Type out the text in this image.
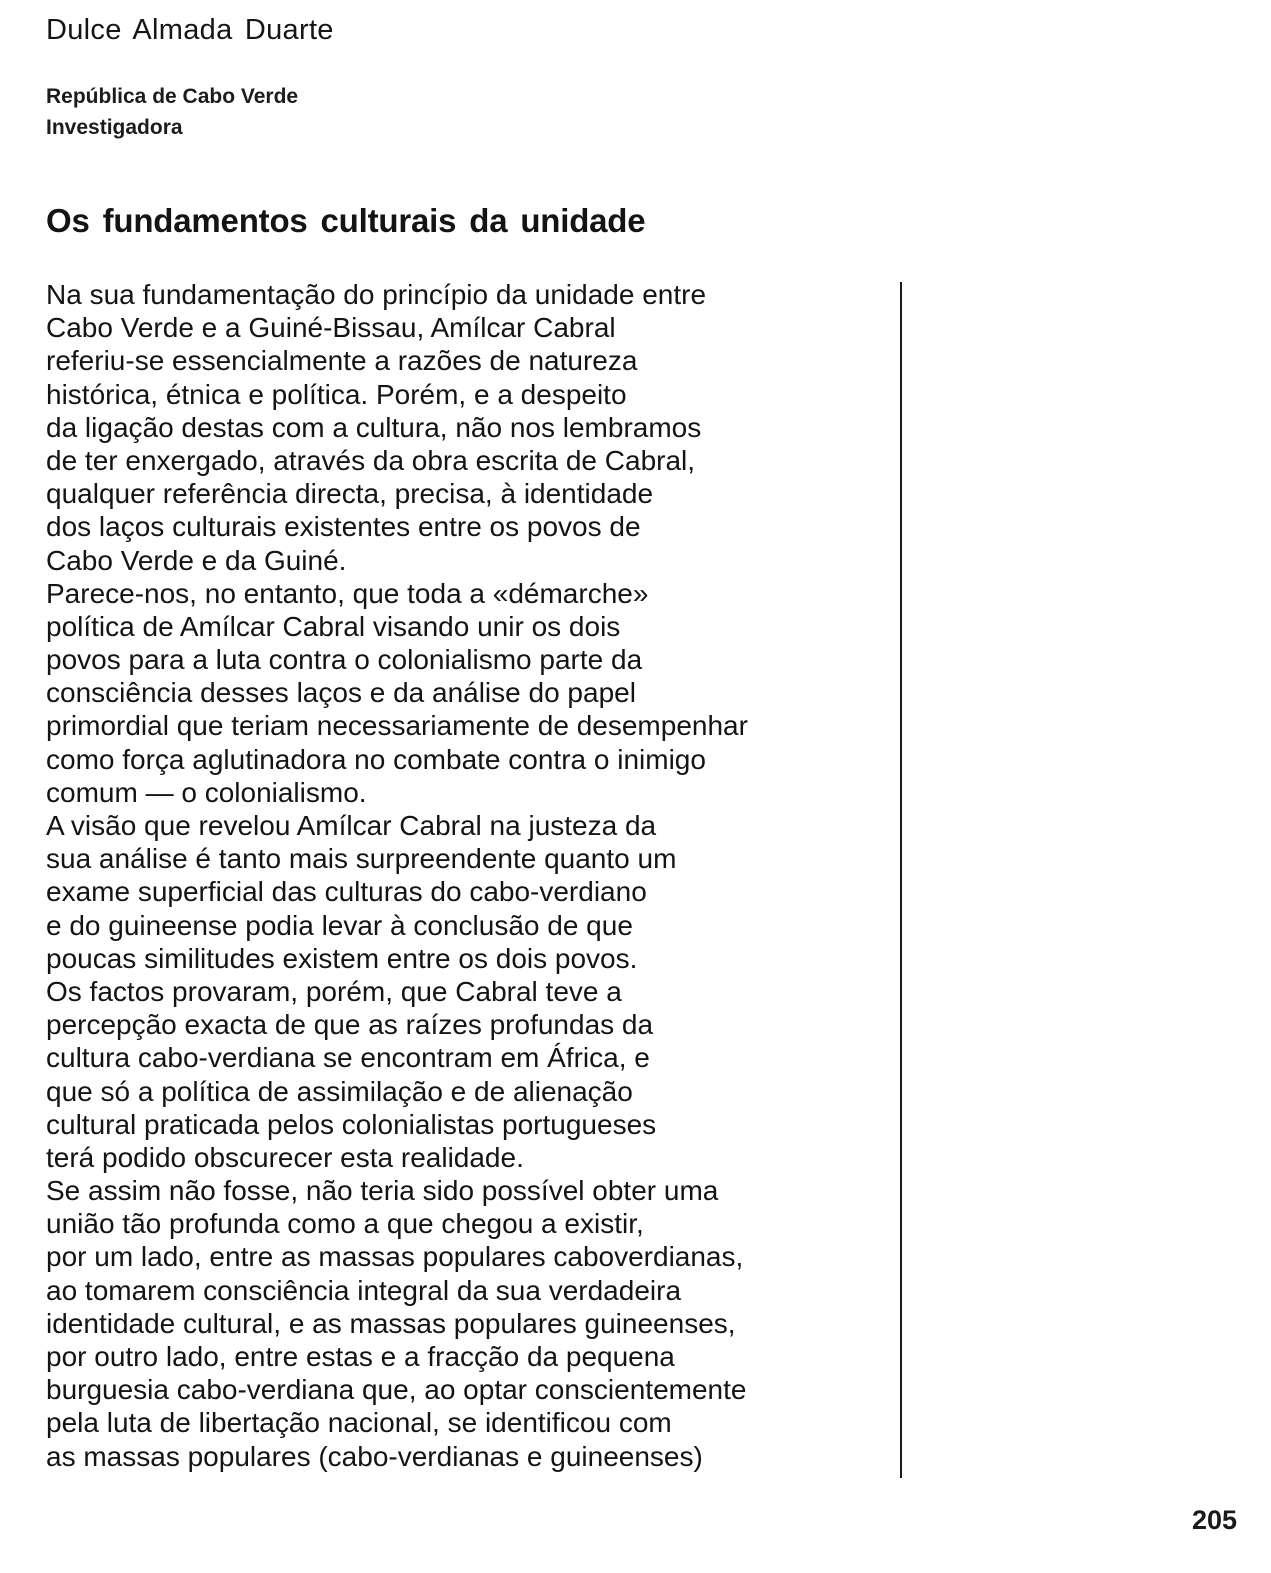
Dulce Almada Duarte
República de Cabo Verde
Investigadora
Os fundamentos culturais da unidade
Na sua fundamentação do princípio da unidade entre
Cabo Verde e a Guiné-Bissau, Amílcar Cabral
referiu-se essencialmente a razões de natureza
histórica, étnica e política. Porém, e a despeito
da ligação destas com a cultura, não nos lembramos
de ter enxergado, através da obra escrita de Cabral,
qualquer referência directa, precisa, à identidade
dos laços culturais existentes entre os povos de
Cabo Verde e da Guiné.
Parece-nos, no entanto, que toda a «démarche»
política de Amílcar Cabral visando unir os dois
povos para a luta contra o colonialismo parte da
consciência desses laços e da análise do papel
primordial que teriam necessariamente de desempenhar
como força aglutinadora no combate contra o inimigo
comum — o colonialismo.
A visão que revelou Amílcar Cabral na justeza da
sua análise é tanto mais surpreendente quanto um
exame superficial das culturas do cabo-verdiano
e do guineense podia levar à conclusão de que
poucas similitudes existem entre os dois povos.
Os factos provaram, porém, que Cabral teve a
percepção exacta de que as raízes profundas da
cultura cabo-verdiana se encontram em África, e
que só a política de assimilação e de alienação
cultural praticada pelos colonialistas portugueses
terá podido obscurecer esta realidade.
Se assim não fosse, não teria sido possível obter uma
união tão profunda como a que chegou a existir,
por um lado, entre as massas populares caboverdianas,
ao tomarem consciência integral da sua verdadeira
identidade cultural, e as massas populares guineenses,
por outro lado, entre estas e a fracção da pequena
burguesia cabo-verdiana que, ao optar conscientemente
pela luta de libertação nacional, se identificou com
as massas populares (cabo-verdianas e guineenses)
205
